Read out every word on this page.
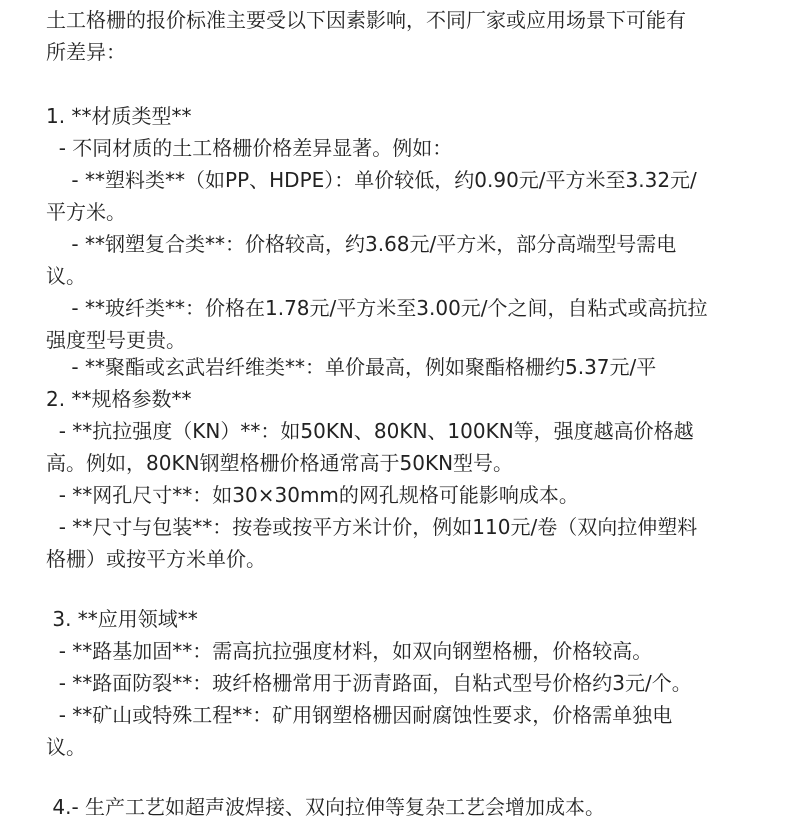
土工格栅的报价标准主要受以下因素影响，不同厂家或应用场景下可能有
所差异：
1. **材质类型**
- 不同材质的土工格栅价格差异显著。例如：
- **塑料类**（如PP、HDPE）：单价较低，约0.90元/平方米至3.32元/
平方米。
- **钢塑复合类**：价格较高，约3.68元/平方米，部分高端型号需电
议。
- **玻纤类**：价格在1.78元/平方米至3.00元/个之间，自粘式或高抗拉
强度型号更贵。
- **聚酯或玄武岩纤维类**：单价最高，例如聚酯格栅约5.37元/平
2. **规格参数**
- **抗拉强度（KN）**：如50KN、80KN、100KN等，强度越高价格越
高。例如，80KN钢塑格栅价格通常高于50KN型号。
- **网孔尺寸**：如30×30mm的网孔规格可能影响成本。
- **尺寸与包装**：按卷或按平方米计价，例如110元/卷（双向拉伸塑料
格栅）或按平方米单价。
3. **应用领域**
- **路基加固**：需高抗拉强度材料，如双向钢塑格栅，价格较高。
- **路面防裂**：玻纤格栅常用于沥青路面，自粘式型号价格约3元/个。
- **矿山或特殊工程**：矿用钢塑格栅因耐腐蚀性要求，价格需单独电
议。
4.- 生产工艺如超声波焊接、双向拉伸等复杂工艺会增加成本。
